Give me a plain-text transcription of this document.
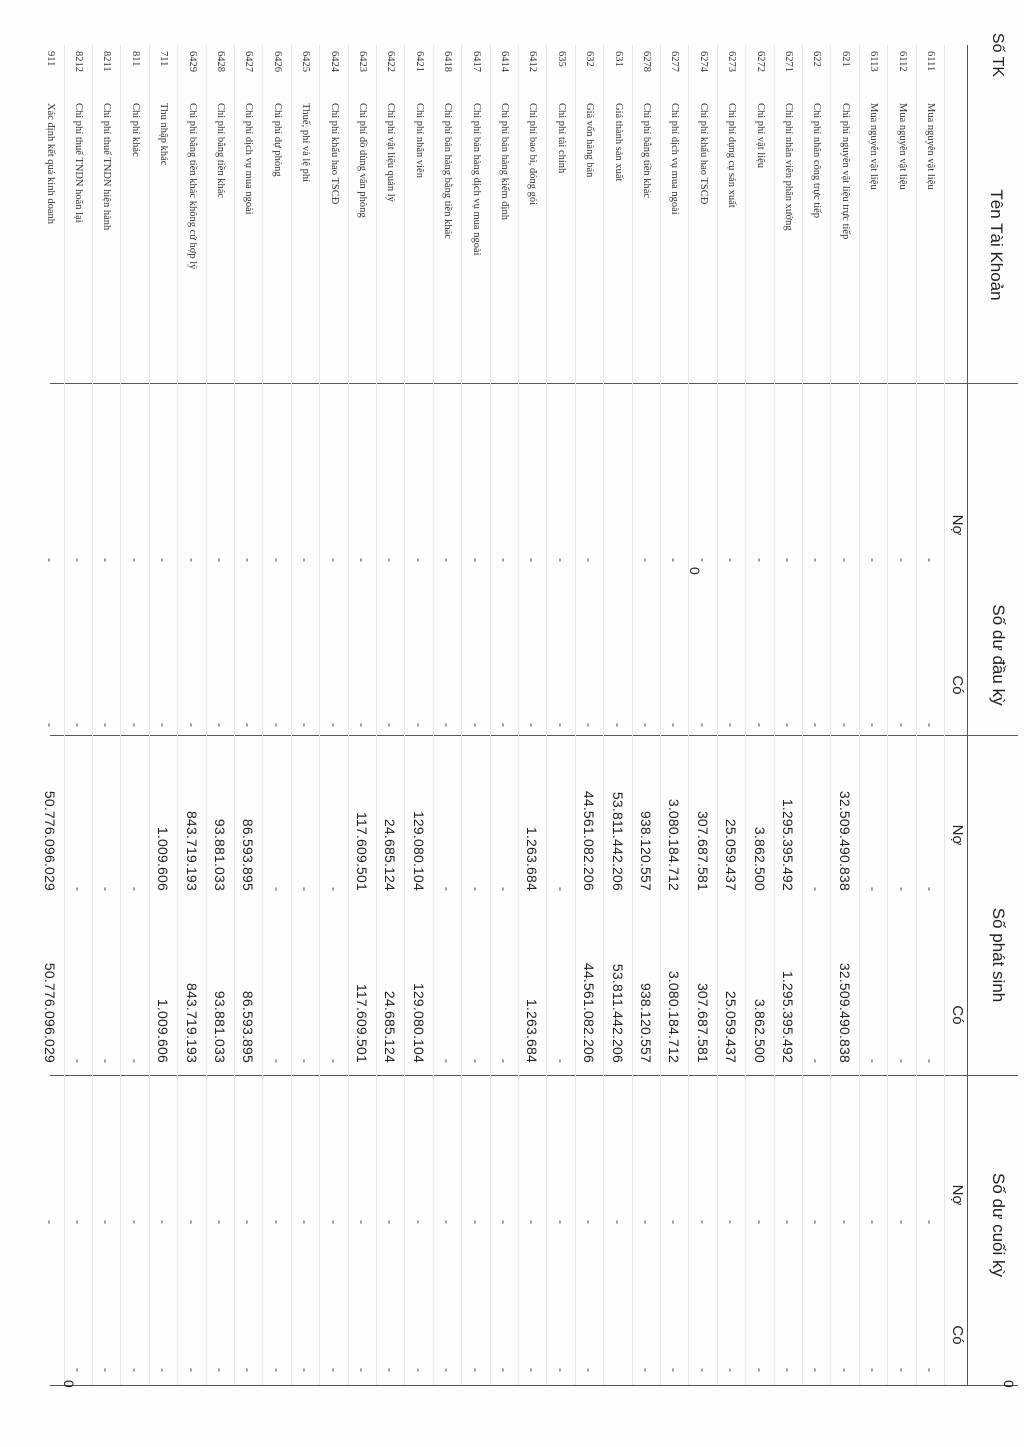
Số TK
Tên Tài Khoản
Số dư đầu kỳ
Nợ
Có
Số phát sinh
Nợ
Có
Số dư cuối kỳ
Nợ
Có
6111
Mua nguyên vật liệu
-
-
-
-
-
-
6112
Mua nguyên vật liệu
-
-
-
-
-
-
6113
Mua nguyên vật liệu
-
-
-
-
-
-
621
Chi phí nguyên vật liệu trực tiếp
-
-
32.509.490.838
32.509.490.838
-
-
622
Chi phí nhân công trực tiếp
-
-
-
-
-
-
6271
Chi phí nhân viên phân xưởng
-
-
1.295.395.492
1.295.395.492
-
-
6272
Chi phí vật liệu
-
-
3.862.500
3.862.500
-
-
6273
Chi phí dụng cụ sản xuất
-
-
25.059.437
25.059.437
-
-
6274
Chi phí khấu hao TSCĐ
-
-
307.687.581
307.687.581
-
-
6277
Chi phí dịch vụ mua ngoài
-
-
3.080.184.712
3.080.184.712
-
-
6278
Chi phí bằng tiền khác
-
-
938.120.557
938.120.557
-
-
631
Giá thành sản xuất
-
53.811.442.206
53.811.442.206
-
632
Giá vốn hàng bán
-
-
44.561.082.206
44.561.082.206
-
-
635
Chi phí tài chính
-
-
-
-
-
-
6412
Chi phí bao bì, đóng gói
-
-
1.263.684
1.263.684
-
-
6414
Chi phí bán hàng kiểm định
-
-
-
-
-
-
6417
Chi phí bán hàng dịch vụ mua ngoài
-
-
-
-
-
-
6418
Chi phí bán hàng bằng tiền khác
-
-
-
-
-
-
6421
Chi phí nhân viên
-
-
129.080.104
129.080.104
-
-
6422
Chi phí vật liệu quản lý
-
-
24.685.124
24.685.124
-
-
6423
Chi phí đồ dùng văn phòng
-
-
117.609.501
117.609.501
-
-
6424
Chi phí khấu hao TSCĐ
-
-
-
-
-
-
6425
Thuế, phí và lệ phí
-
-
-
-
-
-
6426
Chi phí dự phòng
-
-
-
-
-
-
6427
Chi phí dịch vụ mua ngoài
-
-
86.593.895
86.593.895
-
-
6428
Chi phí bằng tiền khác
-
-
93.881.033
93.881.033
-
-
6429
Chi phí bằng tiền khác không cứ hợp lý
-
-
843.719.193
843.719.193
-
-
711
Thu nhập khác
-
-
1.009.606
1.009.606
-
-
811
Chi phí khác
-
-
-
-
-
-
8211
Chi phí thuế TNDN hiện hành
-
-
-
-
-
-
8212
Chi phí thuế TNDN hoãn lại
-
-
-
-
-
-
911
Xác định kết quả kinh doanh
-
-
50.776.096.029
50.776.096.029
-
0
0
0
